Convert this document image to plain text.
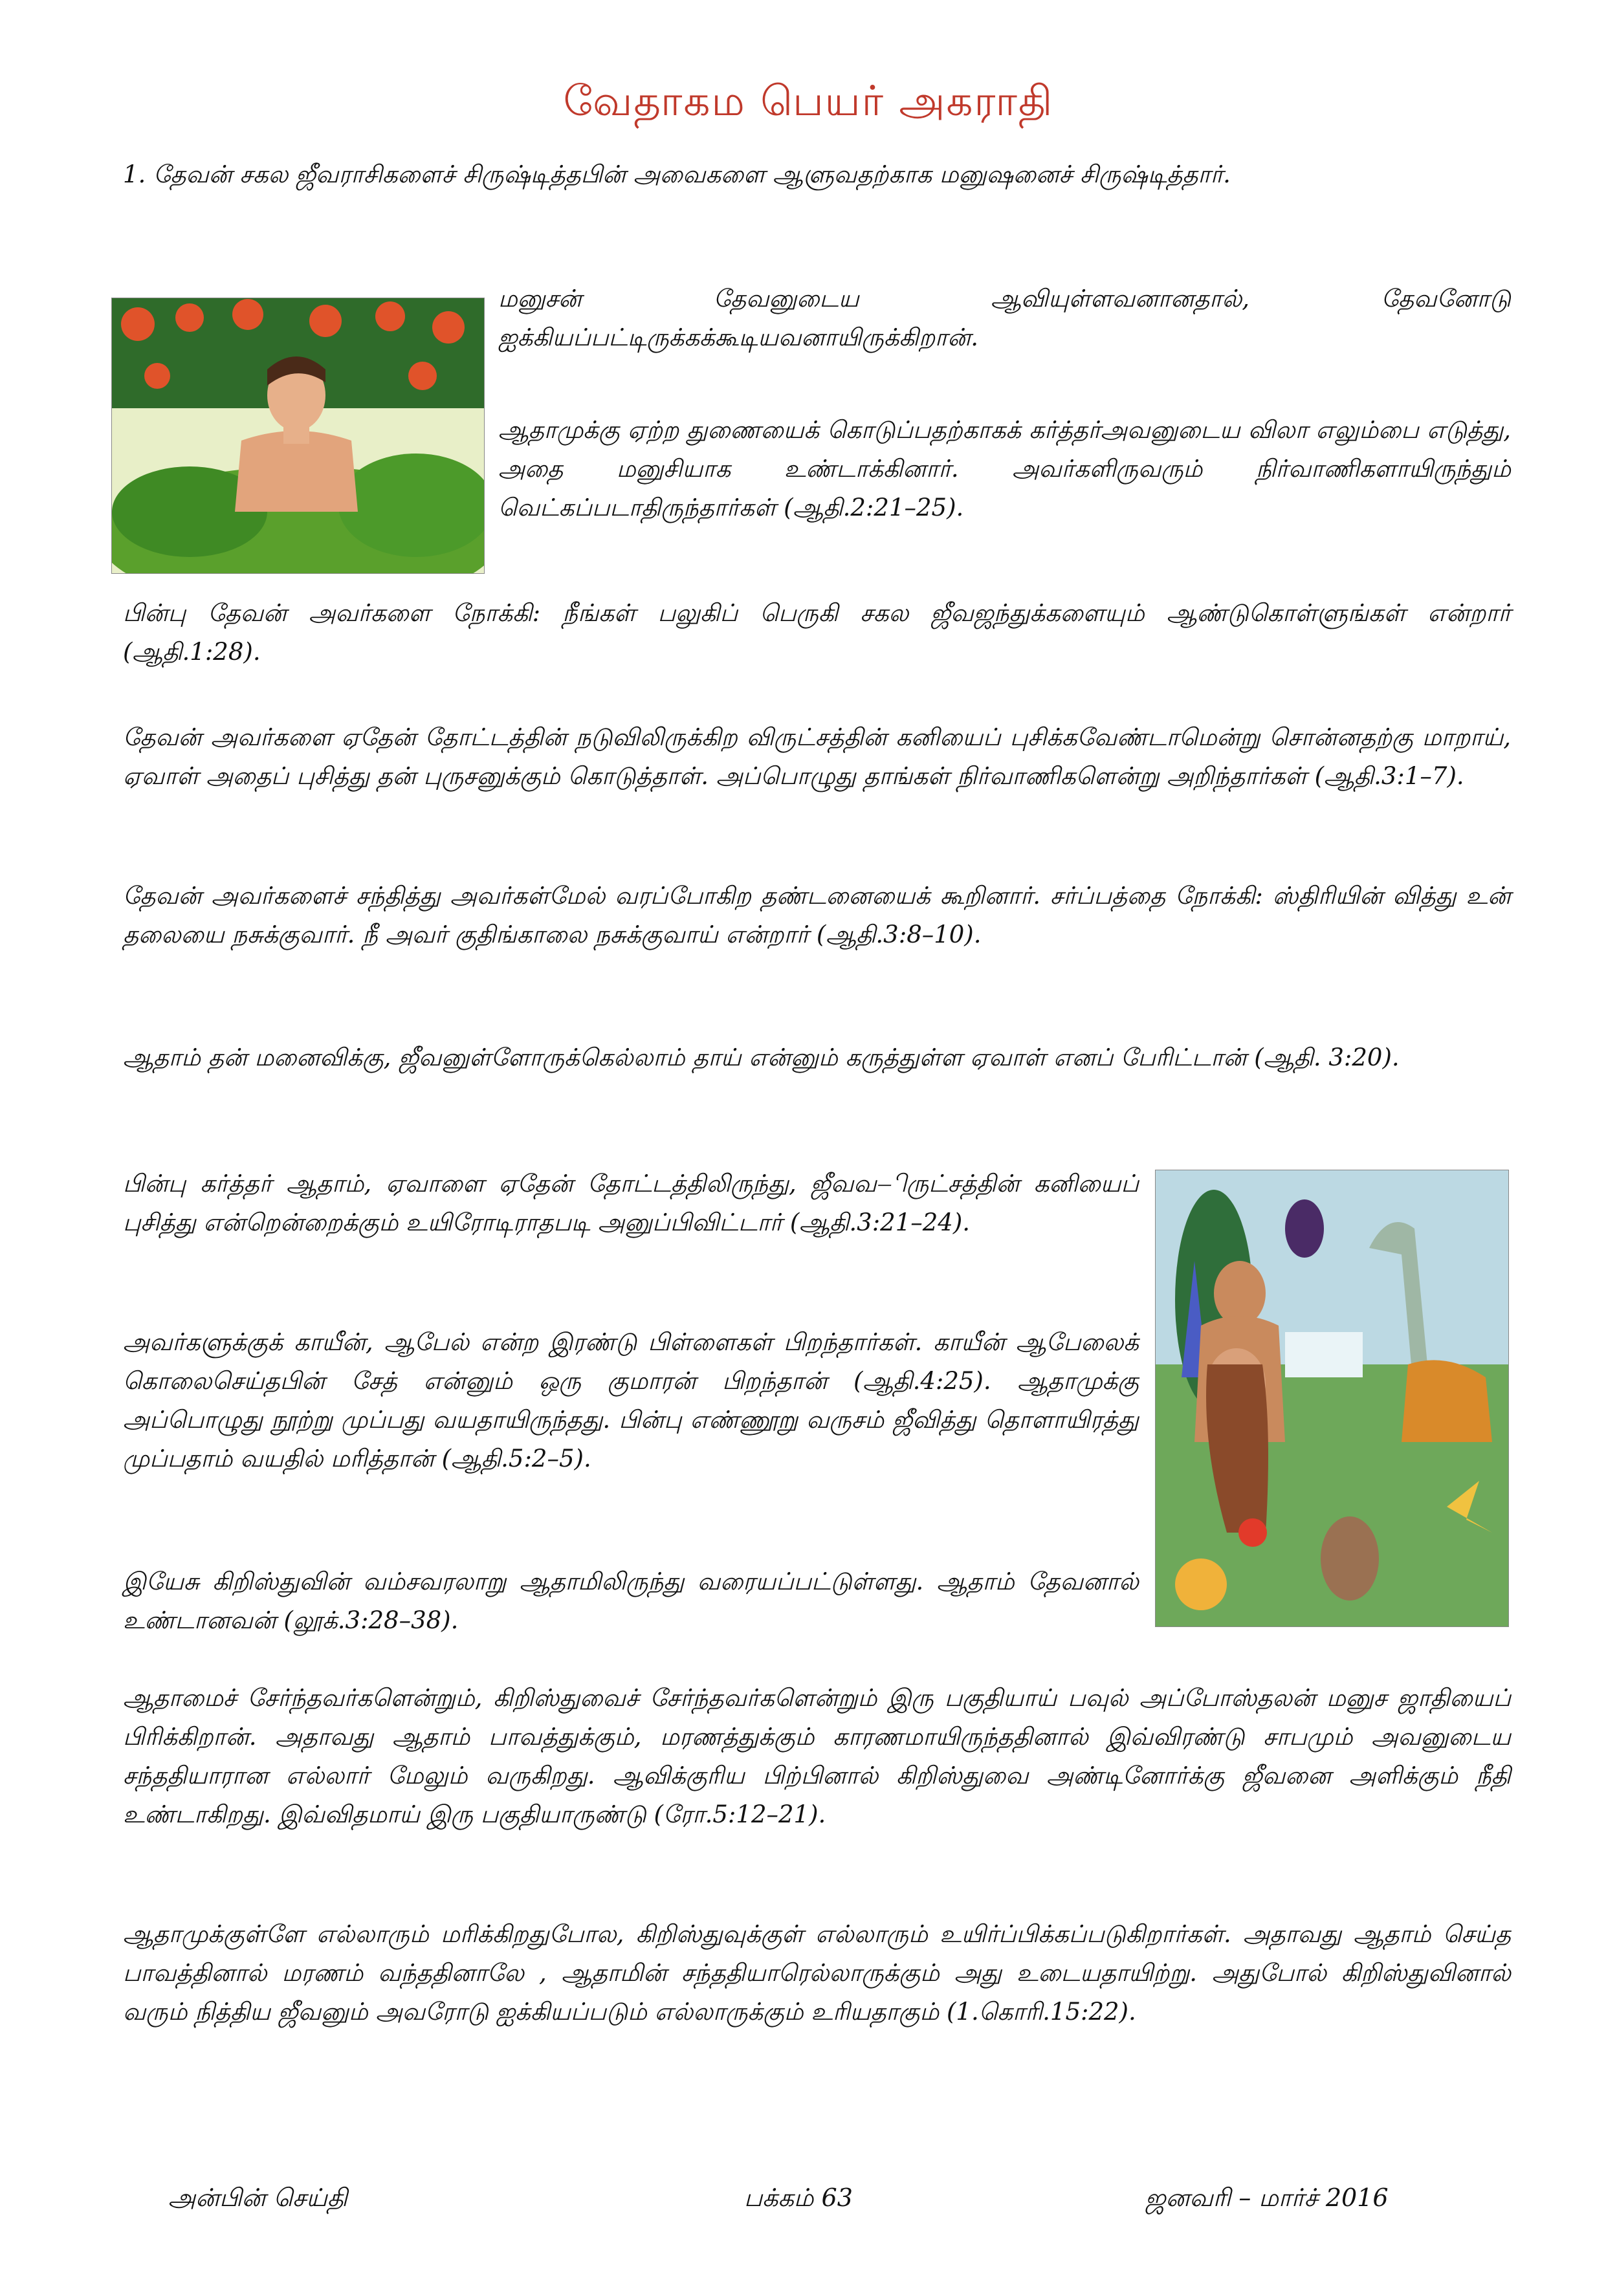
வேதாகம பெயர் அகராதி

1. தேவன் சகல ஜீவராசிகளைச் சிருஷ்டித்தபின் அவைகளை ஆளுவதற்காக மனுஷனைச் சிருஷ்டித்தார்.

மனுசன் தேவனுடைய ஆவியுள்ளவனானதால், தேவனோடு ஐக்கியப்பட்டிருக்கக்கூடியவனாயிருக்கிறான்.

ஆதாமுக்கு ஏற்ற துணையைக் கொடுப்பதற்காகக் கர்த்தர்அவனுடைய விலா எலும்பை எடுத்து, அதை மனுசியாக உண்டாக்கினார். அவர்களிருவரும் நிர்வாணிகளாயிருந்தும் வெட்கப்படாதிருந்தார்கள் (ஆதி.2:21–25).

பின்பு தேவன் அவர்களை நோக்கி: நீங்கள் பலுகிப் பெருகி சகல ஜீவஜந்துக்களையும் ஆண்டுகொள்ளுங்கள் என்றார் (ஆதி.1:28).

தேவன் அவர்களை ஏதேன் தோட்டத்தின் நடுவிலிருக்கிற விருட்சத்தின் கனியைப் புசிக்கவேண்டாமென்று சொன்னதற்கு மாறாய், ஏவாள் அதைப் புசித்து தன் புருசனுக்கும் கொடுத்தாள். அப்பொழுது தாங்கள் நிர்வாணிகளென்று அறிந்தார்கள் (ஆதி.3:1–7).

தேவன் அவர்களைச் சந்தித்து அவர்கள்மேல் வரப்போகிற தண்டனையைக் கூறினார். சர்ப்பத்தை நோக்கி: ஸ்திரியின் வித்து உன் தலையை நசுக்குவார். நீ அவர் குதிங்காலை நசுக்குவாய் என்றார் (ஆதி.3:8–10).

ஆதாம் தன் மனைவிக்கு, ஜீவனுள்ளோருக்கெல்லாம் தாய் என்னும் கருத்துள்ள ஏவாள் எனப் பேரிட்டான் (ஆதி. 3:20).

பின்பு கர்த்தர் ஆதாம், ஏவாளை ஏதேன் தோட்டத்திலிருந்து, ஜீவவ–ிருட்சத்தின் கனியைப் புசித்து என்றென்றைக்கும் உயிரோடிராதபடி அனுப்பிவிட்டார் (ஆதி.3:21–24).

அவர்களுக்குக் காயீன், ஆபேல் என்ற இரண்டு பிள்ளைகள் பிறந்தார்கள். காயீன் ஆபேலைக் கொலைசெய்தபின் சேத் என்னும் ஒரு குமாரன் பிறந்தான் (ஆதி.4:25). ஆதாமுக்கு அப்பொழுது நூற்று முப்பது வயதாயிருந்தது. பின்பு எண்ணூறு வருசம் ஜீவித்து தொளாயிரத்து முப்பதாம் வயதில் மரித்தான் (ஆதி.5:2–5).

இயேசு கிறிஸ்துவின் வம்சவரலாறு ஆதாமிலிருந்து வரையப்பட்டுள்ளது. ஆதாம் தேவனால் உண்டானவன் (லூக்.3:28–38).

ஆதாமைச் சேர்ந்தவர்களென்றும், கிறிஸ்துவைச் சேர்ந்தவர்களென்றும் இரு பகுதியாய் பவுல் அப்போஸ்தலன் மனுச ஜாதியைப் பிரிக்கிறான். அதாவது ஆதாம் பாவத்துக்கும், மரணத்துக்கும் காரணமாயிருந்ததினால் இவ்விரண்டு சாபமும் அவனுடைய சந்ததியாரான எல்லார் மேலும் வருகிறது. ஆவிக்குரிய பிற்பினால் கிறிஸ்துவை அண்டினோர்க்கு ஜீவனை அளிக்கும் நீதி உண்டாகிறது. இவ்விதமாய் இரு பகுதியாருண்டு (ரோ.5:12–21).

ஆதாமுக்குள்ளே எல்லாரும் மரிக்கிறதுபோல, கிறிஸ்துவுக்குள் எல்லாரும் உயிர்ப்பிக்கப்படுகிறார்கள். அதாவது ஆதாம் செய்த பாவத்தினால் மரணம் வந்ததினாலே , ஆதாமின் சந்ததியாரெல்லாருக்கும் அது உடையதாயிற்று. அதுபோல் கிறிஸ்துவினால் வரும் நித்திய ஜீவனும் அவரோடு ஐக்கியப்படும் எல்லாருக்கும் உரியதாகும் (1.கொரி.15:22).

அன்பின் செய்தி	பக்கம் 63	ஜனவரி – மார்ச் 2016
